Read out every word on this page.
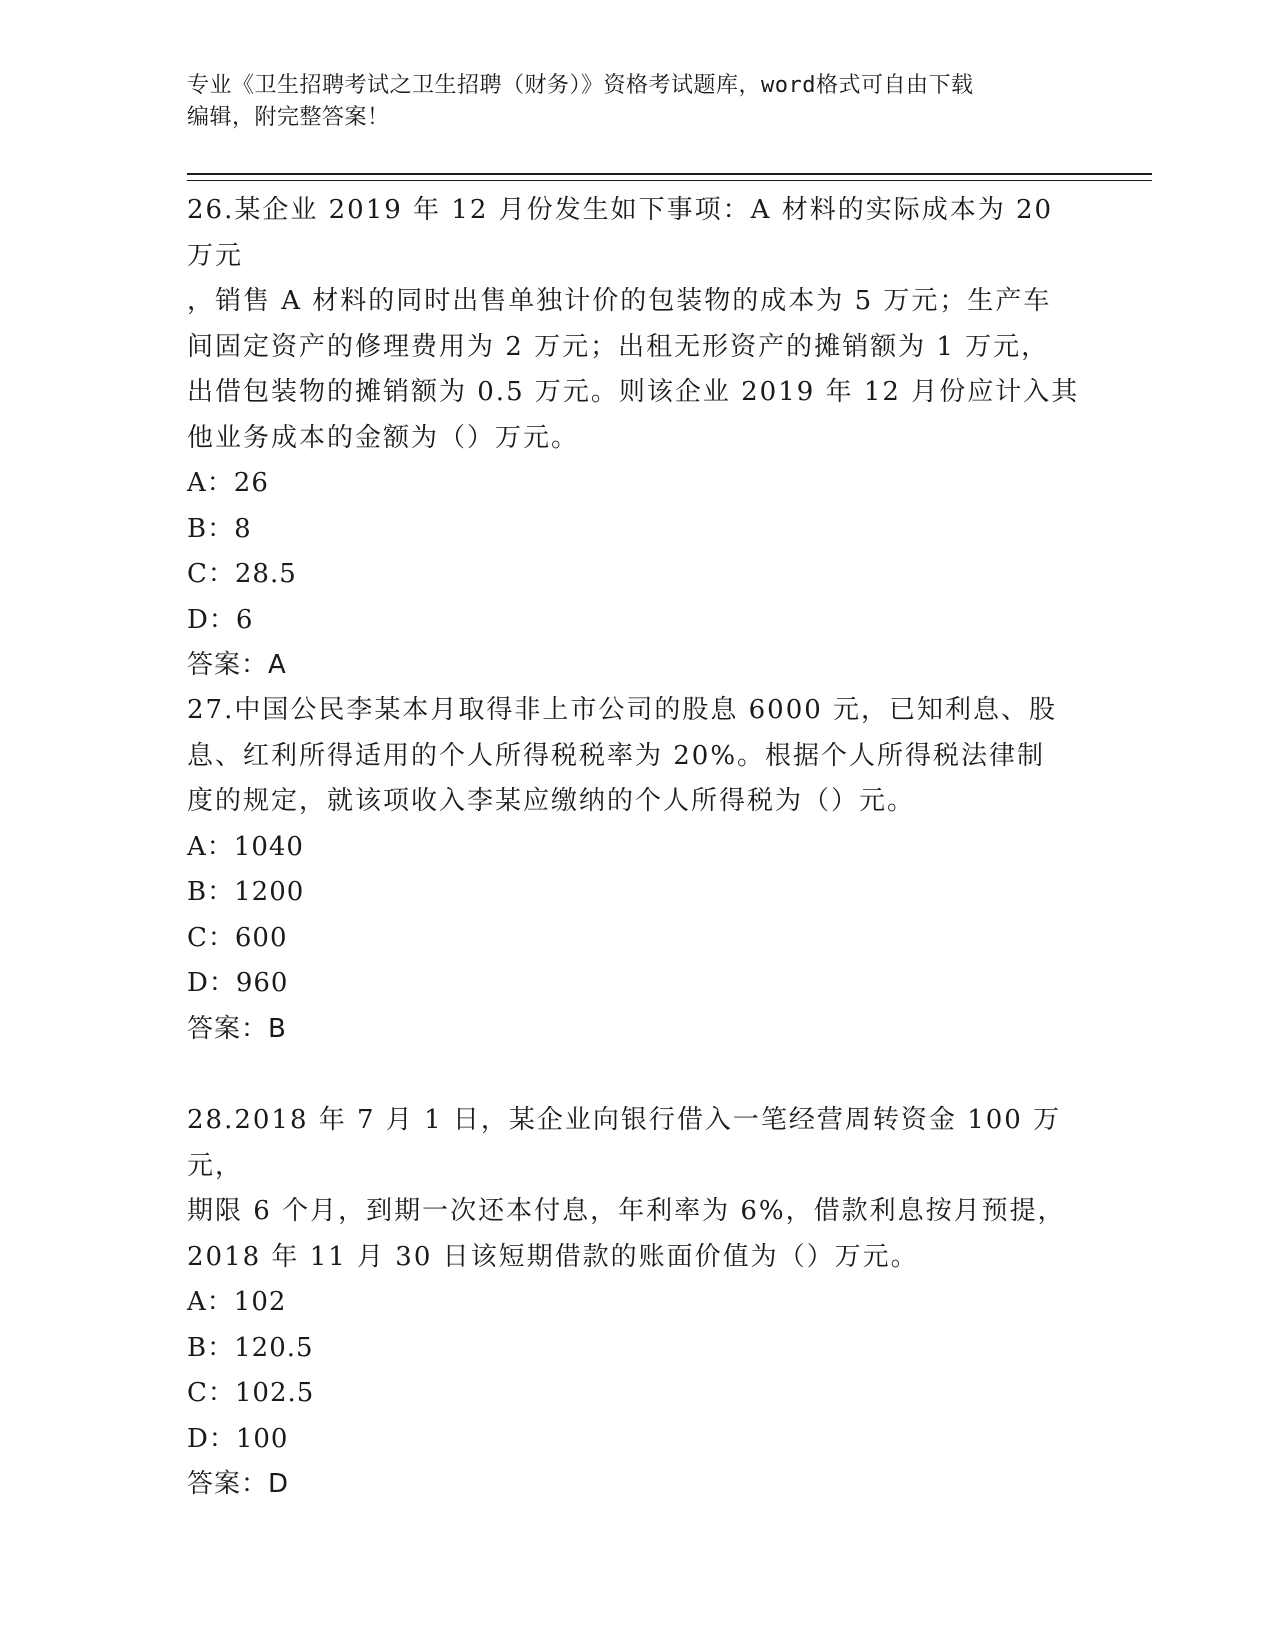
专业《卫生招聘考试之卫生招聘（财务）》资格考试题库，word格式可自由下载
编辑，附完整答案！

26.某企业 2019 年 12 月份发生如下事项：A 材料的实际成本为 20 万元

，销售 A 材料的同时出售单独计价的包装物的成本为 5 万元；生产车

间固定资产的修理费用为 2 万元；出租无形资产的摊销额为 1 万元，

出借包装物的摊销额为 0.5 万元。则该企业 2019 年 12 月份应计入其

他业务成本的金额为（）万元。

A：26

B：8

C：28.5

D：6

答案：A

27.中国公民李某本月取得非上市公司的股息 6000 元，已知利息、股

息、红利所得适用的个人所得税税率为 20%。根据个人所得税法律制

度的规定，就该项收入李某应缴纳的个人所得税为（）元。

A：1040

B：1200

C：600

D：960

答案：B

28.2018 年 7 月 1 日，某企业向银行借入一笔经营周转资金 100 万元，

期限 6 个月，到期一次还本付息，年利率为 6%，借款利息按月预提，

2018 年 11 月 30 日该短期借款的账面价值为（）万元。

A：102

B：120.5

C：102.5

D：100

答案：D
